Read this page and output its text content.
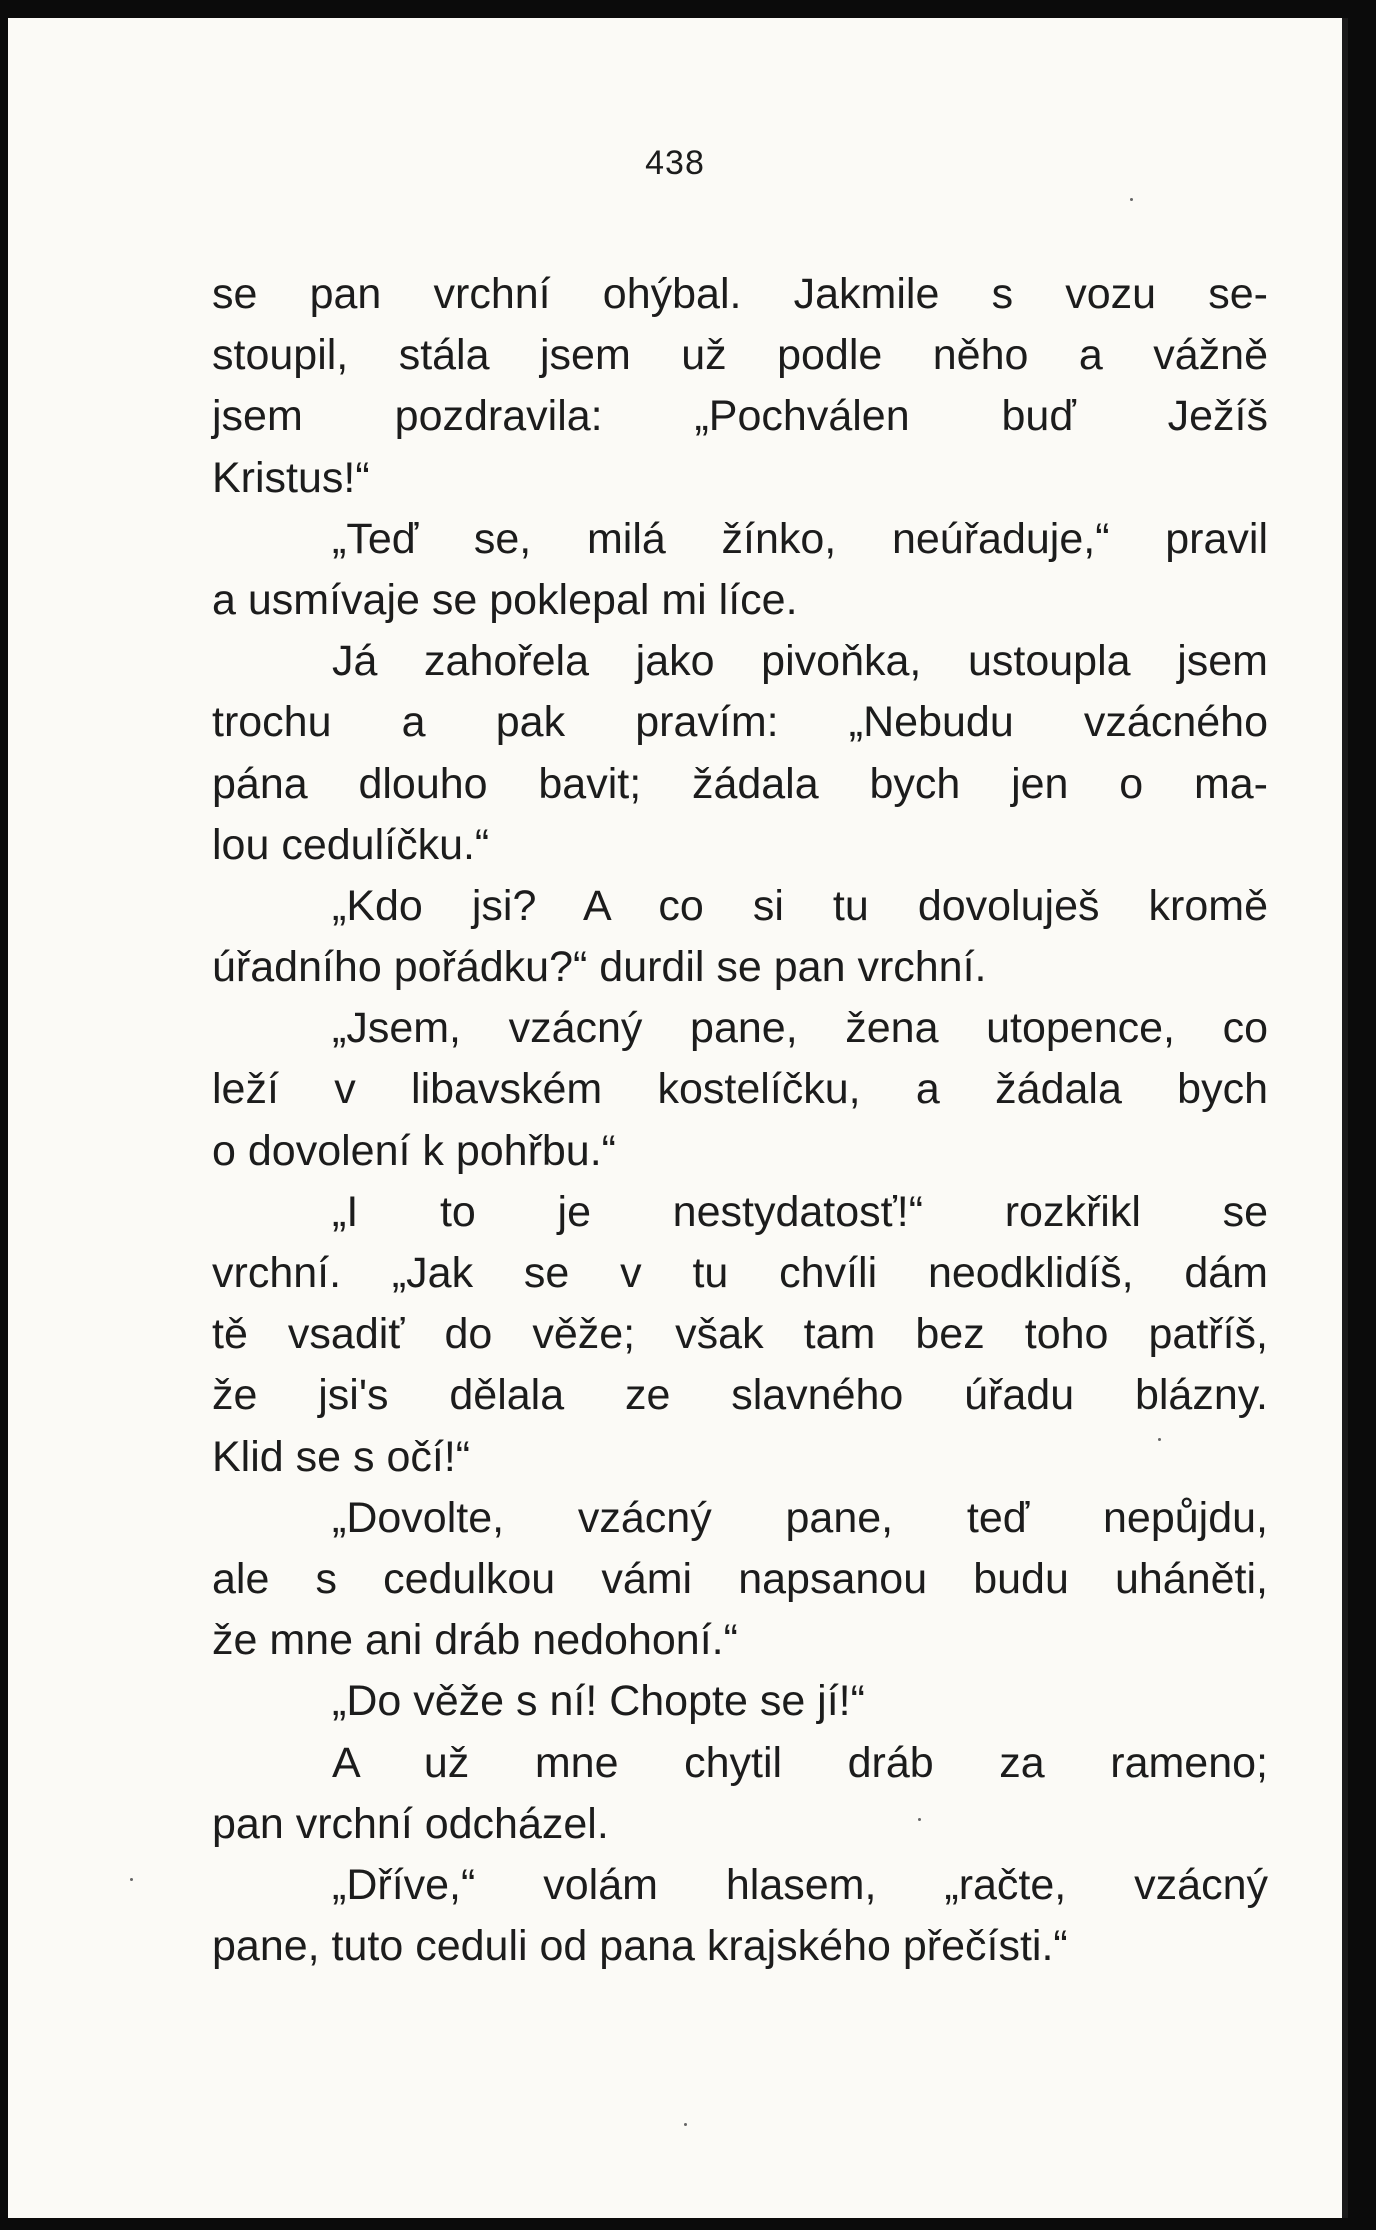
438
se pan vrchní ohýbal. Jakmile s vozu se-
stoupil, stála jsem už podle něho a vážně
jsem pozdravila: „Pochválen buď Ježíš
Kristus!“
„Teď se, milá žínko, neúřaduje,“ pravil
a usmívaje se poklepal mi líce.
Já zahořela jako pivoňka, ustoupla jsem
trochu a pak pravím: „Nebudu vzácného
pána dlouho bavit; žádala bych jen o ma-
lou cedulíčku.“
„Kdo jsi? A co si tu dovoluješ kromě
úřadního pořádku?“ durdil se pan vrchní.
„Jsem, vzácný pane, žena utopence, co
leží v libavském kostelíčku, a žádala bych
o dovolení k pohřbu.“
„I to je nestydatosť!“ rozkřikl se
vrchní. „Jak se v tu chvíli neodklidíš, dám
tě vsadiť do věže; však tam bez toho patříš,
že jsi's dělala ze slavného úřadu blázny.
Klid se s očí!“
„Dovolte, vzácný pane, teď nepůjdu,
ale s cedulkou vámi napsanou budu uháněti,
že mne ani dráb nedohoní.“
„Do věže s ní! Chopte se jí!“
A už mne chytil dráb za rameno;
pan vrchní odcházel.
„Dříve,“ volám hlasem, „račte, vzácný
pane, tuto ceduli od pana krajského přečísti.“
